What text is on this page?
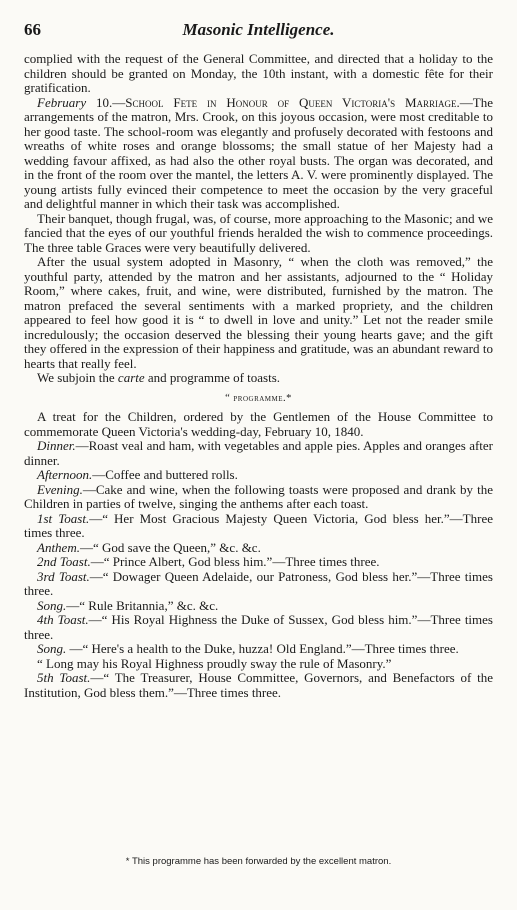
66	Masonic Intelligence.

complied with the request of the General Committee, and directed that a holiday to the children should be granted on Monday, the 10th instant, with a domestic fête for their gratification.

February 10.—School Fete in Honour of Queen Victoria's Marriage.—The arrangements of the matron, Mrs. Crook, on this joyous occasion, were most creditable to her good taste. The school-room was elegantly and profusely decorated with festoons and wreaths of white roses and orange blossoms; the small statue of her Majesty had a wedding favour affixed, as had also the other royal busts. The organ was decorated, and in the front of the room over the mantel, the letters A. V. were prominently displayed. The young artists fully evinced their competence to meet the occasion by the very graceful and delightful manner in which their task was accomplished.

Their banquet, though frugal, was, of course, more approaching to the Masonic; and we fancied that the eyes of our youthful friends heralded the wish to commence proceedings. The three table Graces were very beautifully delivered.

After the usual system adopted in Masonry, “ when the cloth was removed,” the youthful party, attended by the matron and her assistants, adjourned to the “ Holiday Room,” where cakes, fruit, and wine, were distributed, furnished by the matron. The matron prefaced the several sentiments with a marked propriety, and the children appeared to feel how good it is “ to dwell in love and unity.” Let not the reader smile incredulously; the occasion deserved the blessing their young hearts gave; and the gift they offered in the expression of their happiness and gratitude, was an abundant reward to hearts that really feel.

We subjoin the carte and programme of toasts.

“ programme.*

A treat for the Children, ordered by the Gentlemen of the House Committee to commemorate Queen Victoria's wedding-day, February 10, 1840.

Dinner.—Roast veal and ham, with vegetables and apple pies. Apples and oranges after dinner.

Afternoon.—Coffee and buttered rolls.

Evening.—Cake and wine, when the following toasts were proposed and drank by the Children in parties of twelve, singing the anthems after each toast.

1st Toast.—“ Her Most Gracious Majesty Queen Victoria, God bless her.”—Three times three.

Anthem.—“ God save the Queen,” &c. &c.

2nd Toast.—“ Prince Albert, God bless him.”—Three times three.

3rd Toast.—“ Dowager Queen Adelaide, our Patroness, God bless her.”—Three times three.

Song.—“ Rule Britannia,” &c. &c.

4th Toast.—“ His Royal Highness the Duke of Sussex, God bless him.”—Three times three.

Song. —“ Here's a health to the Duke, huzza! Old England.”—Three times three.

“ Long may his Royal Highness proudly sway the rule of Masonry.”

5th Toast.—“ The Treasurer, House Committee, Governors, and Benefactors of the Institution, God bless them.”—Three times three.

* This programme has been forwarded by the excellent matron.
